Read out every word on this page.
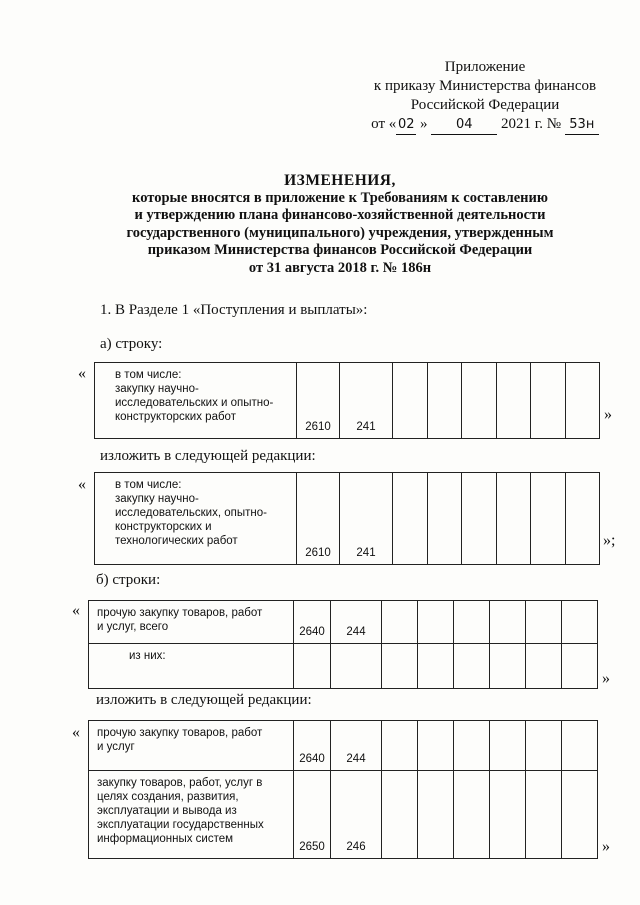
Приложение
к приказу Министерства финансов
Российской Федерации
от « 02 » 04 2021 г. № 53н
ИЗМЕНЕНИЯ,
которые вносятся в приложение к Требованиям к составлению
и утверждению плана финансово-хозяйственной деятельности
государственного (муниципального) учреждения, утвержденным
приказом Министерства финансов Российской Федерации
от 31 августа 2018 г. № 186н
1. В Разделе 1 «Поступления и выплаты»:
а) строку:
«	в том числе:
закупку научно-
исследовательских и опытно-
конструкторских работ
	2610	241						
»
изложить в следующей редакции:
«	в том числе:
закупку научно-
исследовательских, опытно-
конструкторских и
технологических работ
	2610	241						
»;
б) строки:
« прочую закупку товаров, работ
и услуг, всего	2640	244						

из них:								

»
изложить в следующей редакции:
« прочую закупку товаров, работ
и услуг	2640	244						

закупку товаров, работ, услуг в
целях создания, развития,
эксплуатации и вывода из
эксплуатации государственных
информационных систем	2650	246							»
